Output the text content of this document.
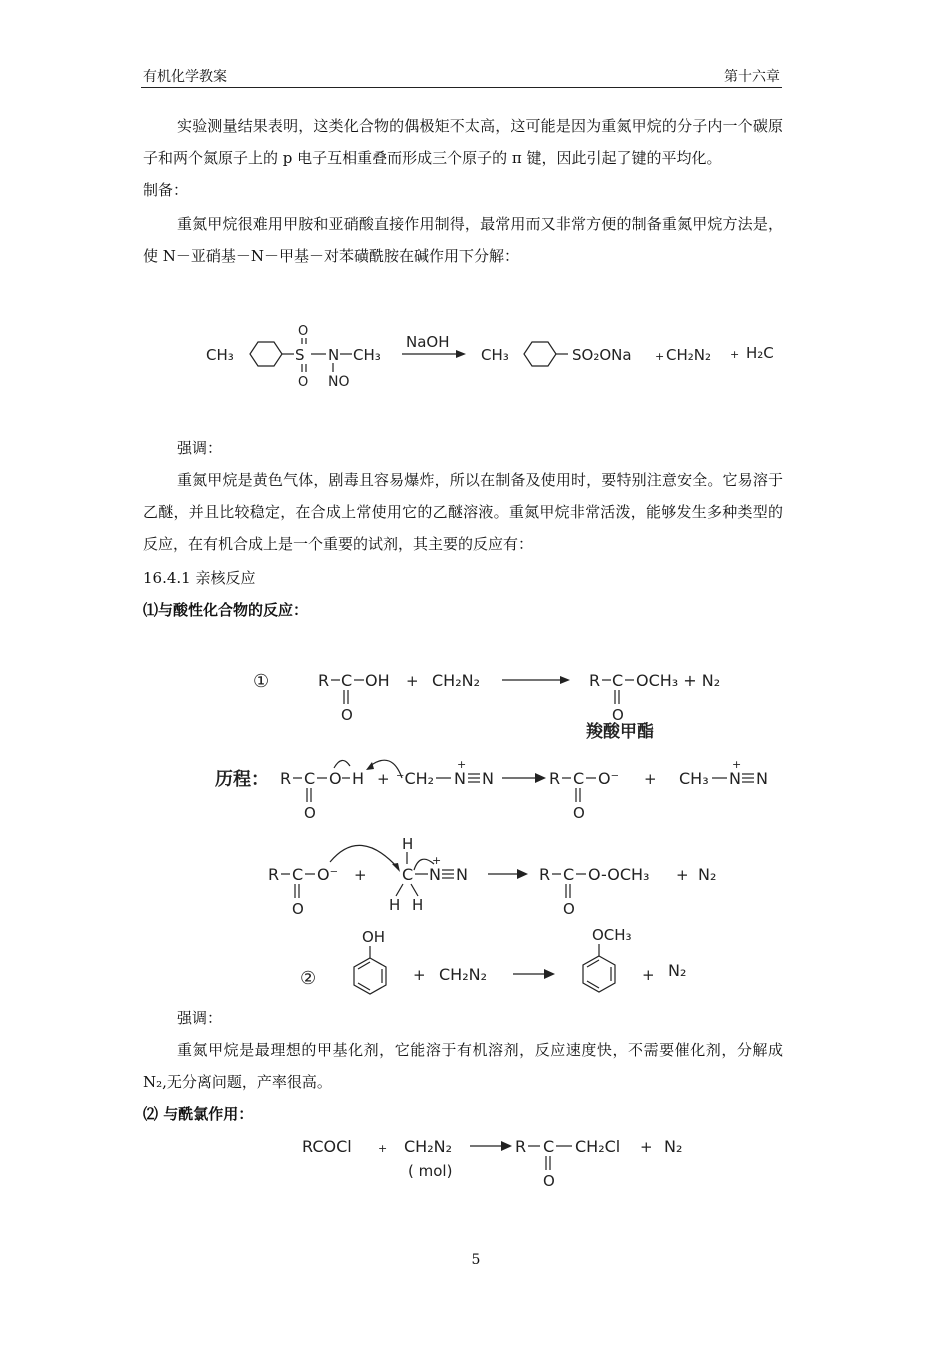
有机化学教案	第十六章

实验测量结果表明，这类化合物的偶极矩不太高，这可能是因为重氮甲烷的分子内一个碳原子和两个氮原子上的 p 电子互相重叠而形成三个原子的 π 键，因此引起了键的平均化。

制备：

重氮甲烷很难用甲胺和亚硝酸直接作用制得，最常用而又非常方便的制备重氮甲烷方法是，使 N－亚硝基－N－甲基－对苯磺酰胺在碱作用下分解：

CH₃	S
O
O
N CH₃
NO
NaOH
CH₃	SO₂ONa + CH₂N₂ + H₂C

强调：

重氮甲烷是黄色气体，剧毒且容易爆炸，所以在制备及使用时，要特别注意安全。它易溶于乙醚，并且比较稳定，在合成上常使用它的乙醚溶液。重氮甲烷非常活泼，能够发生多种类型的反应，在有机合成上是一个重要的试剂，其主要的反应有：

16.4.1 亲核反应

⑴与酸性化合物的反应：

①	R C
O
OH + CH₂N₂	R C
O
OCH₃ + N₂
羧酸甲酯
历程： R C
O
O H + ⁻CH₂ N
+
N	R C
O
O⁻ + CH₃ N
+
N
R C
O
O⁻ +
H
C N
+
N
H H
R C
O
O-OCH₃ + N₂
②
OH
+ CH₂N₂
OCH₃
+ N₂

强调：

重氮甲烷是最理想的甲基化剂，它能溶于有机溶剂，反应速度快，不需要催化剂，分解成 N₂,无分离问题，产率很高。

⑵ 与酰氯作用：

RCOCl + CH₂N₂
( mol)
R C
O
CH₂Cl + N₂
5
